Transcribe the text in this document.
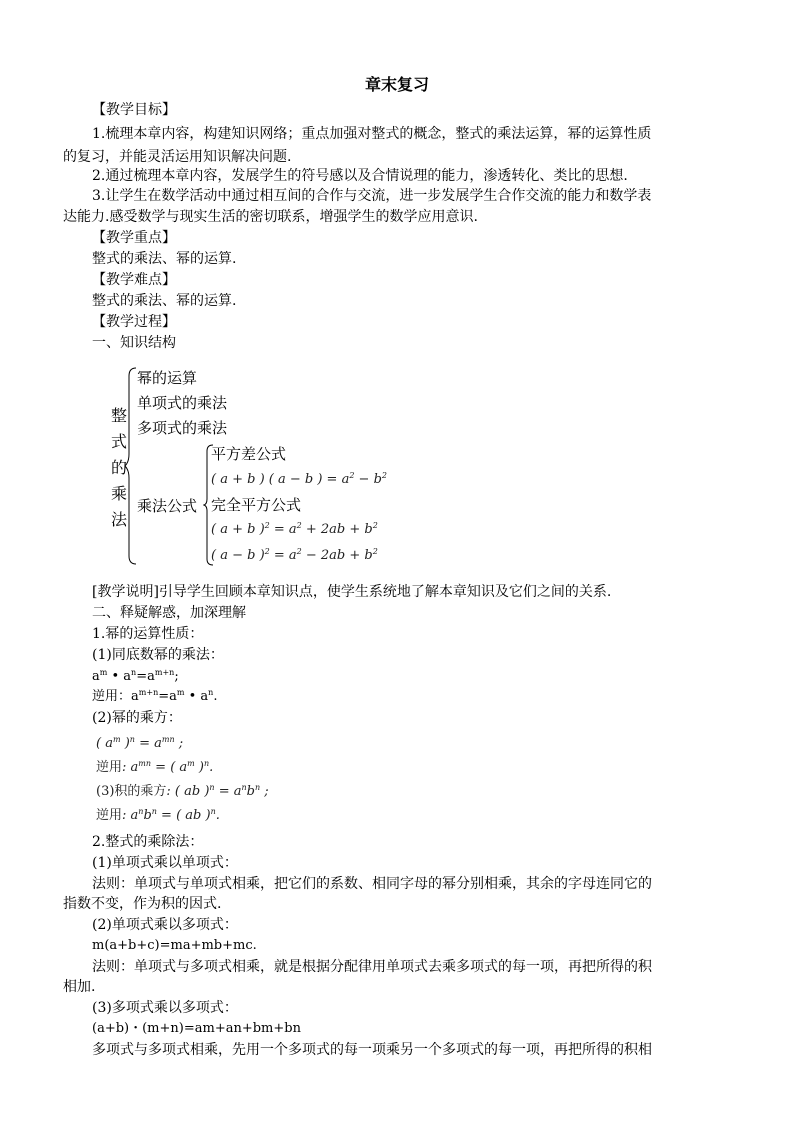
章末复习
【教学目标】
1.梳理本章内容，构建知识网络；重点加强对整式的概念，整式的乘法运算，幂的运算性质
的复习，并能灵活运用知识解决问题.
2.通过梳理本章内容，发展学生的符号感以及合情说理的能力，渗透转化、类比的思想.
3.让学生在数学活动中通过相互间的合作与交流，进一步发展学生合作交流的能力和数学表
达能力.感受数学与现实生活的密切联系，增强学生的数学应用意识.
【教学重点】
整式的乘法、幂的运算.
【教学难点】
整式的乘法、幂的运算.
【教学过程】
一、知识结构
整
式
的
乘
法
幂的运算
单项式的乘法
多项式的乘法
乘法公式
平方差公式
( a + b ) ( a − b ) = $a^2 - b^2$
完全平方公式
( a + b )$^2 = a^2 + 2ab + b^2$
( a − b )$^2 = a^2 - 2ab + b^2$
[教学说明]引导学生回顾本章知识点，使学生系统地了解本章知识及它们之间的关系.
二、释疑解惑，加深理解
1.幂的运算性质：
(1)同底数幂的乘法：
$a^m$ • $a^n=a^{m+n}$;
逆用：$a^{m+n}=a^m$ • $a^n$.
(2)幂的乘方：
( $a^m$ )$^n = a^{mn}$ ;
逆用: $a^{mn}$ = ( $a^m$ )$^n$.
(3)积的乘方: ( ab )$^n = a^nb^n$ ;
逆用: $a^nb^n$ = ( ab )$^n$.
2.整式的乘除法：
(1)单项式乘以单项式：
法则：单项式与单项式相乘，把它们的系数、相同字母的幂分别相乘，其余的字母连同它的
指数不变，作为积的因式.
(2)单项式乘以多项式：
m(a+b+c)=ma+mb+mc.
法则：单项式与多项式相乘，就是根据分配律用单项式去乘多项式的每一项，再把所得的积
相加.
(3)多项式乘以多项式：
(a+b)・(m+n)=am+an+bm+bn
多项式与多项式相乘，先用一个多项式的每一项乘另一个多项式的每一项，再把所得的积相
